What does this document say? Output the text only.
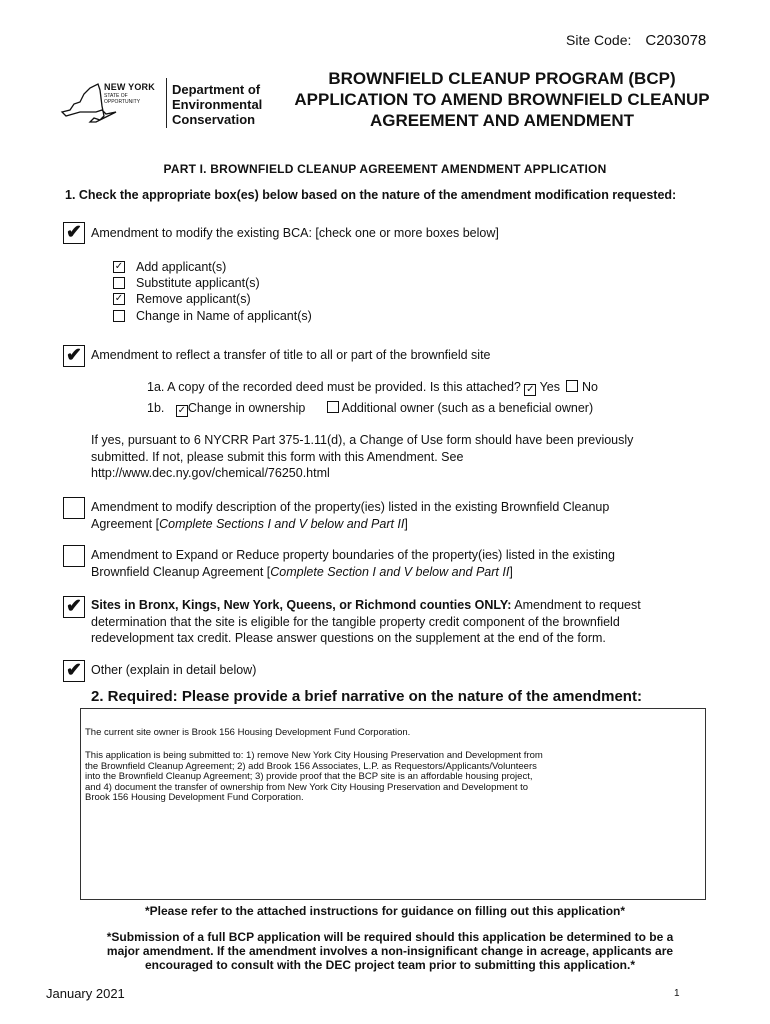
Site Code: C203078
NEW YORK
STATE OF
OPPORTUNITY
Department of
Environmental
Conservation
BROWNFIELD CLEANUP PROGRAM (BCP)
APPLICATION TO AMEND BROWNFIELD CLEANUP
AGREEMENT AND AMENDMENT
PART I. BROWNFIELD CLEANUP AGREEMENT AMENDMENT APPLICATION
1. Check the appropriate box(es) below based on the nature of the amendment modification requested:
✔ Amendment to modify the existing BCA: [check one or more boxes below]
✓ Add applicant(s)
Substitute applicant(s)
✓ Remove applicant(s)
Change in Name of applicant(s)
✔ Amendment to reflect a transfer of title to all or part of the brownfield site
1a. A copy of the recorded deed must be provided. Is this attached? ✓ Yes No
1b. ✓ Change in ownership	Additional owner (such as a beneficial owner)
If yes, pursuant to 6 NYCRR Part 375-1.11(d), a Change of Use form should have been previously
submitted. If not, please submit this form with this Amendment. See
http://www.dec.ny.gov/chemical/76250.html
Amendment to modify description of the property(ies) listed in the existing Brownfield Cleanup
Agreement [Complete Sections I and V below and Part II]
Amendment to Expand or Reduce property boundaries of the property(ies) listed in the existing
Brownfield Cleanup Agreement [Complete Section I and V below and Part II]
✔ Sites in Bronx, Kings, New York, Queens, or Richmond counties ONLY: Amendment to request
determination that the site is eligible for the tangible property credit component of the brownfield
redevelopment tax credit. Please answer questions on the supplement at the end of the form.
✔ Other (explain in detail below)
2. Required: Please provide a brief narrative on the nature of the amendment:
The current site owner is Brook 156 Housing Development Fund Corporation.
This application is being submitted to: 1) remove New York City Housing Preservation and Development from
the Brownfield Cleanup Agreement; 2) add Brook 156 Associates, L.P. as Requestors/Applicants/Volunteers
into the Brownfield Cleanup Agreement; 3) provide proof that the BCP site is an affordable housing project,
and 4) document the transfer of ownership from New York City Housing Preservation and Development to
Brook 156 Housing Development Fund Corporation.
*Please refer to the attached instructions for guidance on filling out this application*
*Submission of a full BCP application will be required should this application be determined to be a
major amendment. If the amendment involves a non-insignificant change in acreage, applicants are
encouraged to consult with the DEC project team prior to submitting this application.*
January 2021	1
